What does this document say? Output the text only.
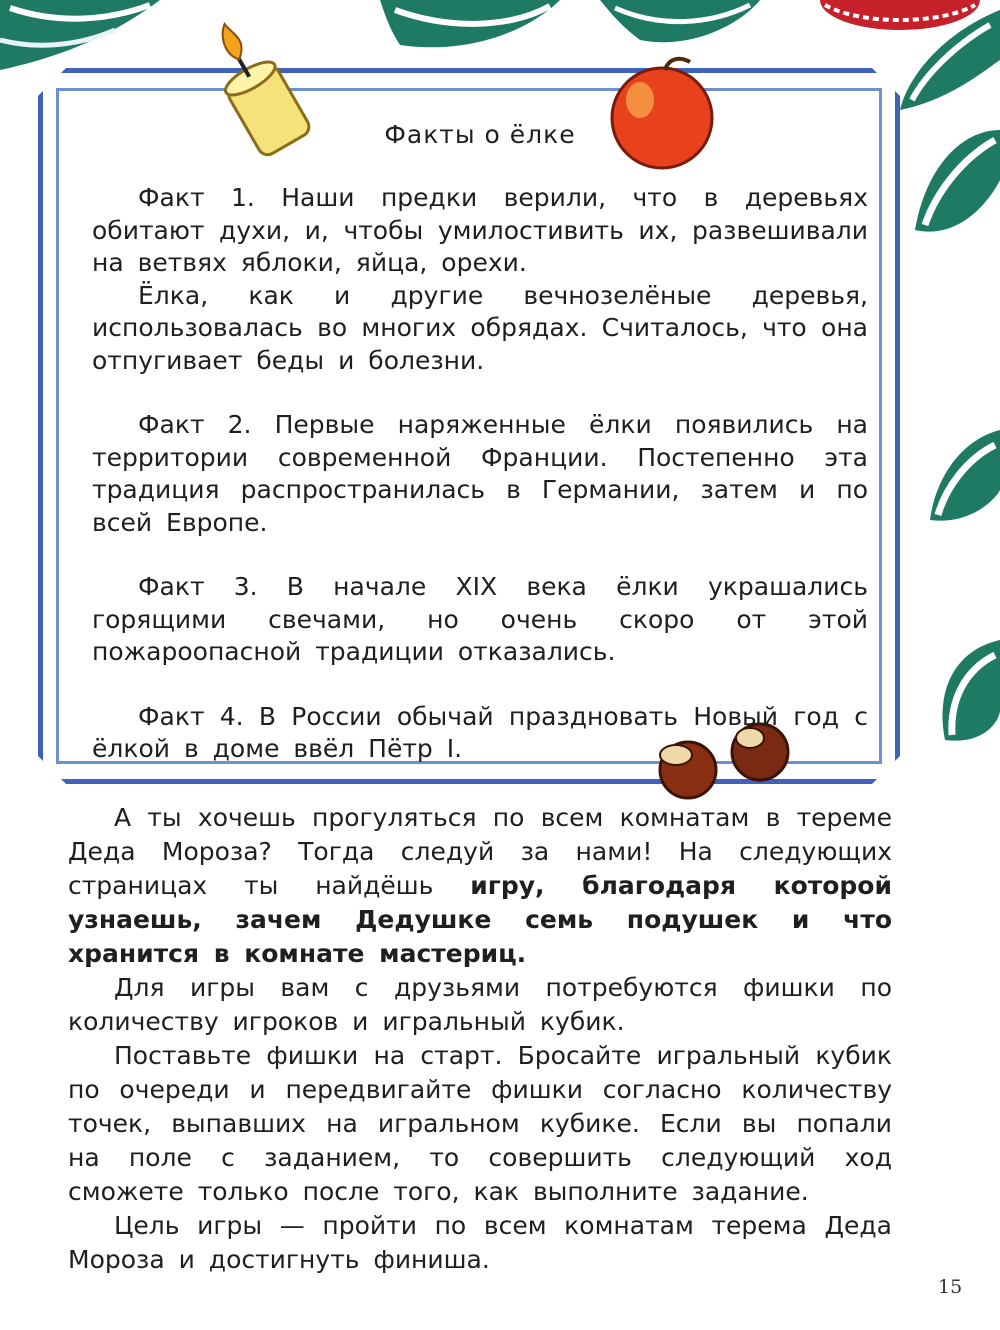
Факты о ёлке

Факт 1. Наши предки верили, что в деревьях обитают духи, и, чтобы умилостивить их, развешивали на ветвях яблоки, яйца, орехи.

Ёлка, как и другие вечнозелёные деревья, использовалась во многих обрядах. Считалось, что она отпугивает беды и болезни.

Факт 2. Первые наряженные ёлки появились на территории современной Франции. Постепенно эта традиция распространилась в Германии, затем и по всей Европе.

Факт 3. В начале XIX века ёлки украшались горящими свечами, но очень скоро от этой пожароопасной традиции отказались.

Факт 4. В России обычай праздновать Новый год с ёлкой в доме ввёл Пётр I.

А ты хочешь прогуляться по всем комнатам в тереме Деда Мороза? Тогда следуй за нами! На следующих страницах ты найдёшь игру, благодаря которой узнаешь, зачем Дедушке семь подушек и что хранится в комнате мастериц.

Для игры вам с друзьями потребуются фишки по количеству игроков и игральный кубик.

Поставьте фишки на старт. Бросайте игральный кубик по очереди и передвигайте фишки согласно количеству точек, выпавших на игральном кубике. Если вы попали на поле с заданием, то совершить следующий ход сможете только после того, как выполните задание.

Цель игры — пройти по всем комнатам терема Деда Мороза и достигнуть финиша.

15
